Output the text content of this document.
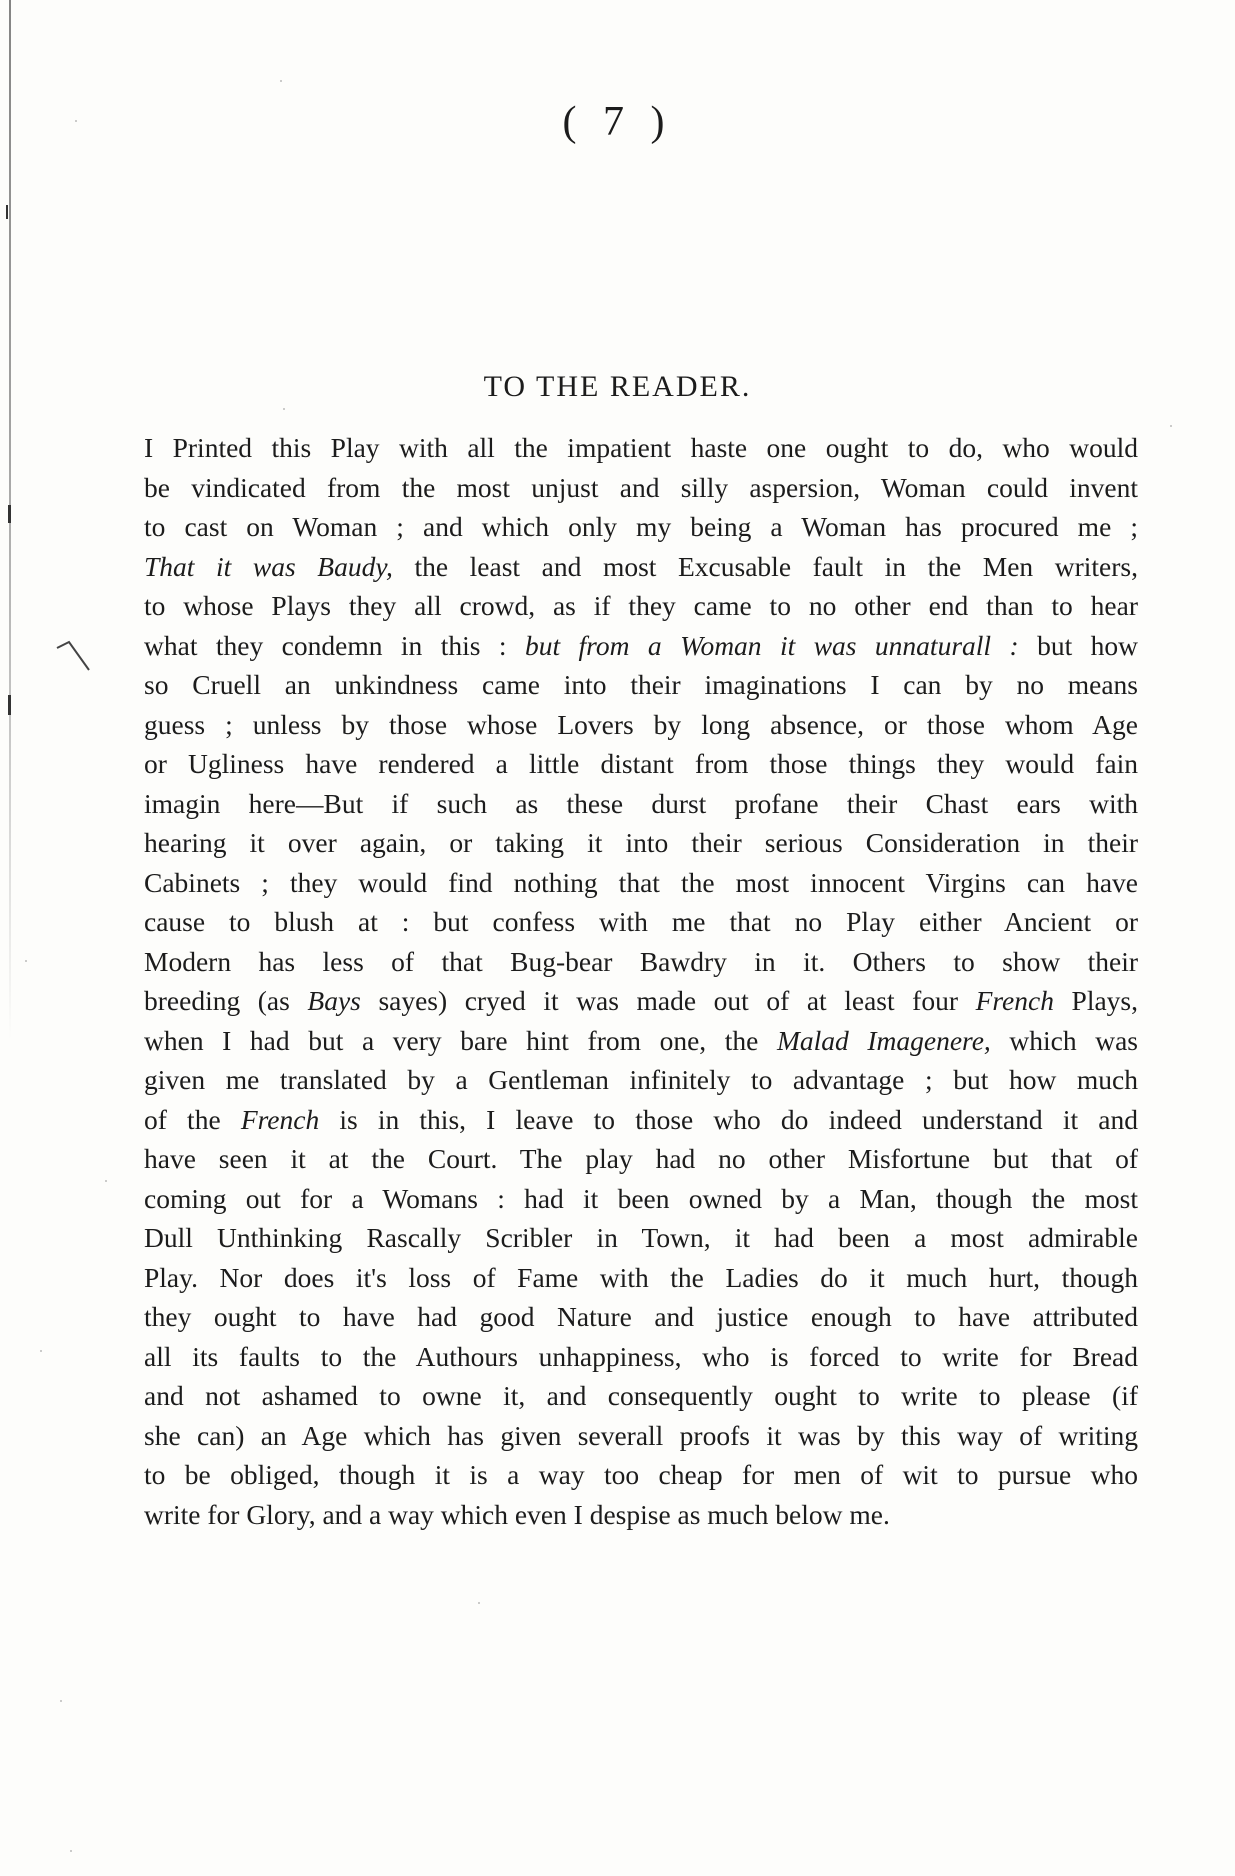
( 7 )
TO THE READER.
I Printed this Play with all the impatient haste one ought to do, who would
be vindicated from the most unjust and silly aspersion, Woman could invent
to cast on Woman ; and which only my being a Woman has procured me ;
That it was Baudy, the least and most Excusable fault in the Men writers,
to whose Plays they all crowd, as if they came to no other end than to hear
what they condemn in this : but from a Woman it was unnaturall : but how
so Cruell an unkindness came into their imaginations I can by no means
guess ; unless by those whose Lovers by long absence, or those whom Age
or Ugliness have rendered a little distant from those things they would fain
imagin here—But if such as these durst profane their Chast ears with
hearing it over again, or taking it into their serious Consideration in their
Cabinets ; they would find nothing that the most innocent Virgins can have
cause to blush at : but confess with me that no Play either Ancient or
Modern has less of that Bug-bear Bawdry in it. Others to show their
breeding (as Bays sayes) cryed it was made out of at least four French Plays,
when I had but a very bare hint from one, the Malad Imagenere, which was
given me translated by a Gentleman infinitely to advantage ; but how much
of the French is in this, I leave to those who do indeed understand it and
have seen it at the Court. The play had no other Misfortune but that of
coming out for a Womans : had it been owned by a Man, though the most
Dull Unthinking Rascally Scribler in Town, it had been a most admirable
Play. Nor does it's loss of Fame with the Ladies do it much hurt, though
they ought to have had good Nature and justice enough to have attributed
all its faults to the Authours unhappiness, who is forced to write for Bread
and not ashamed to owne it, and consequently ought to write to please (if
she can) an Age which has given severall proofs it was by this way of writing
to be obliged, though it is a way too cheap for men of wit to pursue who
write for Glory, and a way which even I despise as much below me.
